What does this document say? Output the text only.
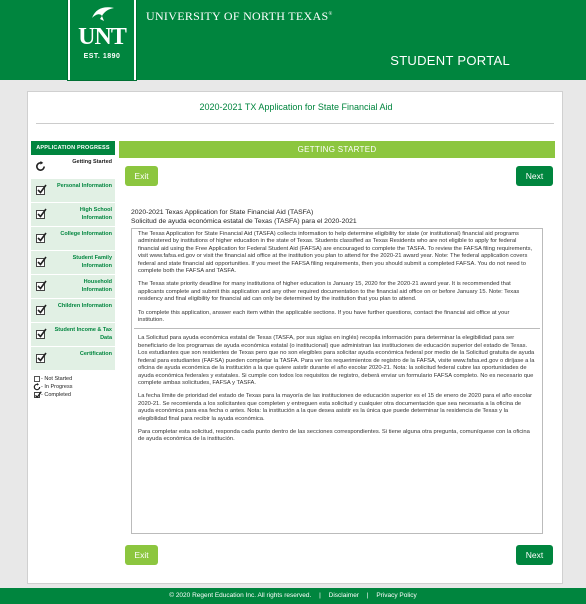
UNT
EST. 1890
UNIVERSITY OF NORTH TEXAS®
STUDENT PORTAL
2020-2021 TX Application for State Financial Aid
APPLICATION PROGRESS
Getting Started
Personal Information
High School Information
College Information
Student Family Information
Household Information
Children Information
Student Income & Tax Data
Certification
- Not Started
- In Progress
- Completed
GETTING STARTED
Exit	Next
2020-2021 Texas Application for State Financial Aid (TASFA)
Solicitud de ayuda económica estatal de Texas (TASFA) para el 2020-2021

The Texas Application for State Financial Aid (TASFA) collects information to help determine eligibility for state (or institutional) financial aid programs administered by institutions of higher education in the state of Texas. Students classified as Texas Residents who are not eligible to apply for federal financial aid using the Free Application for Federal Student Aid (FAFSA) are encouraged to complete the TASFA. To review the FAFSA filing requirements, visit www.fafsa.ed.gov or visit the financial aid office at the institution you plan to attend for the 2020-21 award year. Note: The federal application covers federal and state financial aid opportunities. If you meet the FAFSA filing requirements, then you should submit a completed FAFSA. You do not need to complete both the FAFSA and TASFA.

The Texas state priority deadline for many institutions of higher education is January 15, 2020 for the 2020-21 award year. It is recommended that applicants complete and submit this application and any other required documentation to the financial aid office on or before January 15. Note: Texas residency and final eligibility for financial aid can only be determined by the institution that you plan to attend.

To complete this application, answer each item within the applicable sections. If you have further questions, contact the financial aid office at your institution.

La Solicitud para ayuda económica estatal de Texas (TASFA, por sus siglas en inglés) recopila información para determinar la elegibilidad para ser beneficiario de los programas de ayuda económica estatal (o institucional) que administran las instituciones de educación superior del estado de Texas. Los estudiantes que son residentes de Texas pero que no son elegibles para solicitar ayuda económica federal por medio de la Solicitud gratuita de ayuda federal para estudiantes (FAFSA) pueden completar la TASFA. Para ver los requerimientos de registro de la FAFSA, visite www.fafsa.ed.gov o diríjase a la oficina de ayuda económica de la institución a la que quiere asistir durante el año escolar 2020-21. Nota: la solicitud federal cubre las oportunidades de ayuda económica federales y estatales. Si cumple con todos los requisitos de registro, deberá enviar un formulario FAFSA completo. No es necesario que complete ambas solicitudes, FAFSA y TASFA.

La fecha límite de prioridad del estado de Texas para la mayoría de las instituciones de educación superior es el 15 de enero de 2020 para el año escolar 2020-21. Se recomienda a los solicitantes que completen y entreguen esta solicitud y cualquier otra documentación que sea necesaria a la oficina de ayuda económica para esa fecha o antes. Nota: la institución a la que desea asistir es la única que puede determinar la residencia de Texas y la elegibilidad final para recibir la ayuda económica.

Para completar esta solicitud, responda cada punto dentro de las secciones correspondientes. Si tiene alguna otra pregunta, comuníquese con la oficina de ayuda económica de la institución.

Exit	Next
© 2020 Regent Education Inc. All rights reserved. | Disclaimer | Privacy Policy
